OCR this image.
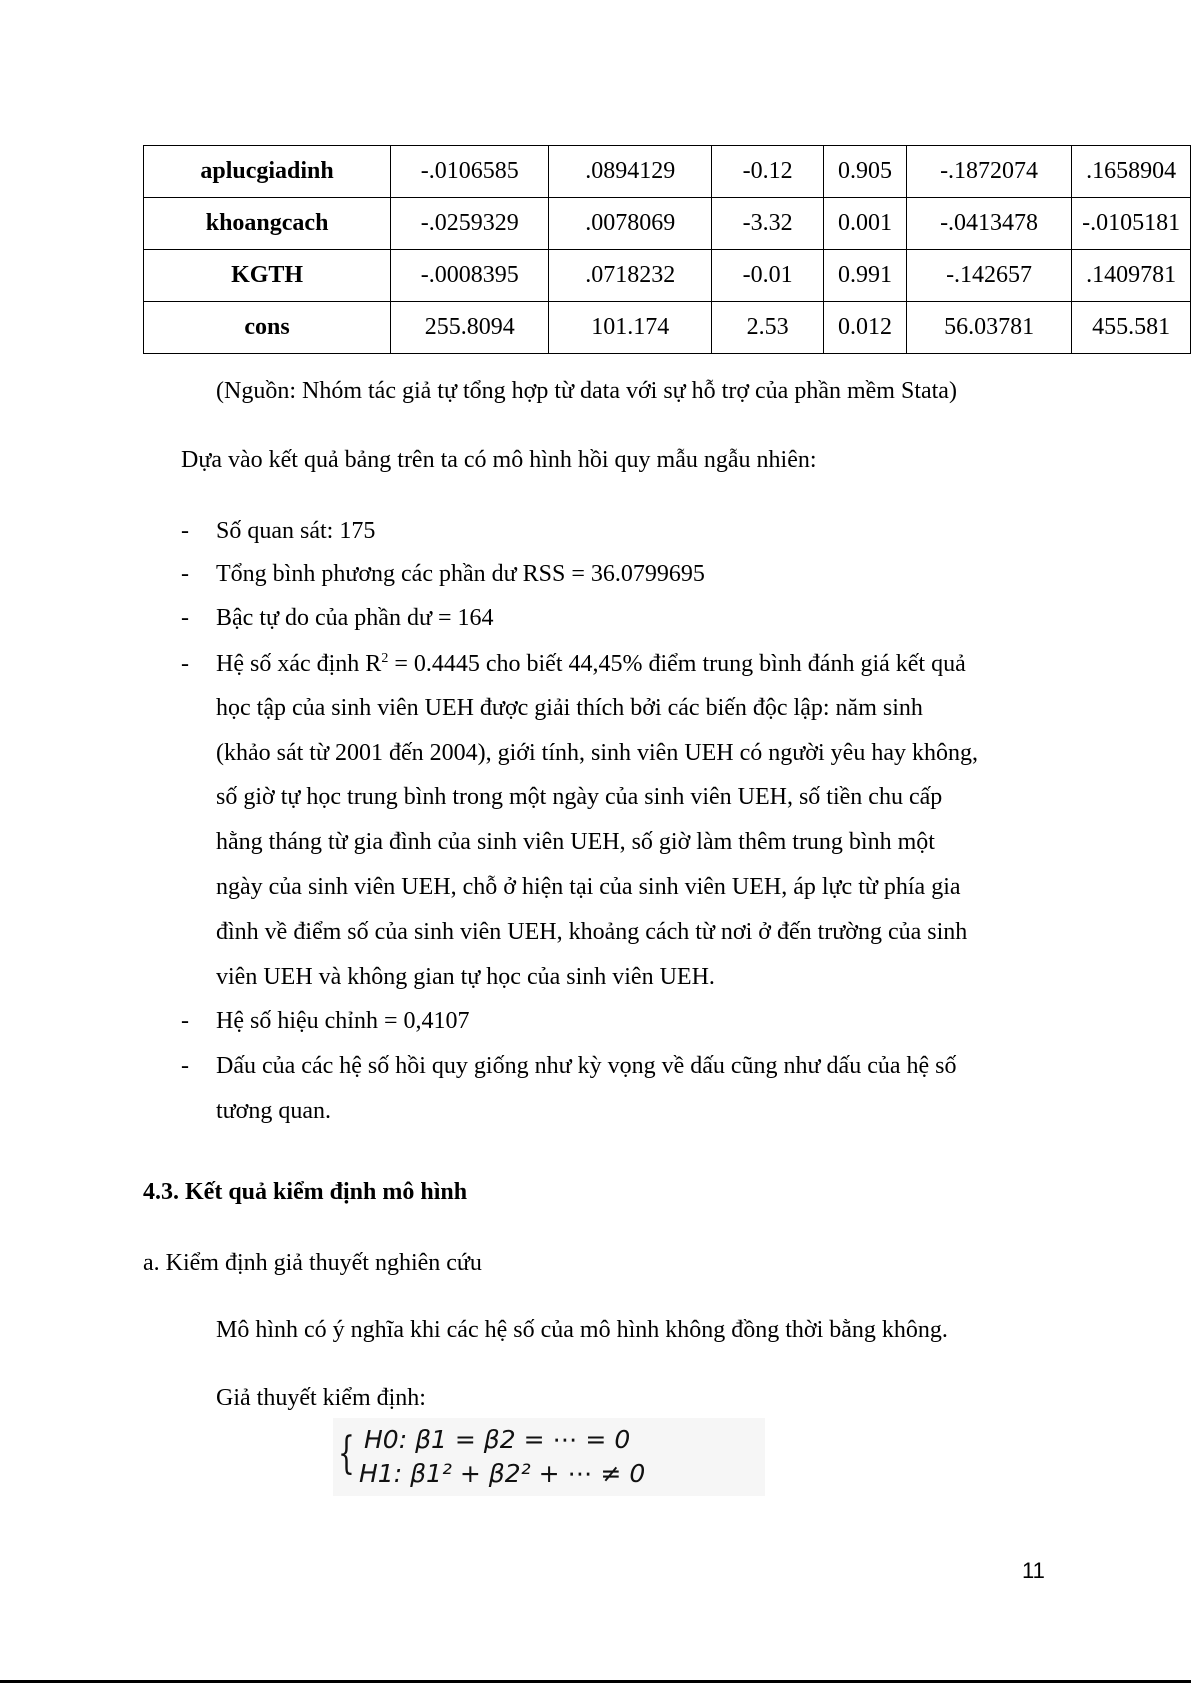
aplucgiadinh	-.0106585	.0894129	-0.12	0.905	-.1872074	.1658904
khoangcach	-.0259329	.0078069	-3.32	0.001	-.0413478	-.0105181
KGTH	-.0008395	.0718232	-0.01	0.991	-.142657	.1409781
cons	255.8094	101.174	2.53	0.012	56.03781	455.581
(Nguồn: Nhóm tác giả tự tổng hợp từ data với sự hỗ trợ của phần mềm Stata)
Dựa vào kết quả bảng trên ta có mô hình hồi quy mẫu ngẫu nhiên:
- Số quan sát: 175
- Tổng bình phương các phần dư RSS = 36.0799695
- Bậc tự do của phần dư = 164
- Hệ số xác định $R^2 = 0.4445$ cho biết 44,45% điểm trung bình đánh giá kết quả
học tập của sinh viên UEH được giải thích bởi các biến độc lập: năm sinh
(khảo sát từ 2001 đến 2004), giới tính, sinh viên UEH có người yêu hay không,
số giờ tự học trung bình trong một ngày của sinh viên UEH, số tiền chu cấp
hằng tháng từ gia đình của sinh viên UEH, số giờ làm thêm trung bình một
ngày của sinh viên UEH, chỗ ở hiện tại của sinh viên UEH, áp lực từ phía gia
đình về điểm số của sinh viên UEH, khoảng cách từ nơi ở đến trường của sinh
viên UEH và không gian tự học của sinh viên UEH.
- Hệ số hiệu chỉnh = 0,4107
- Dấu của các hệ số hồi quy giống như kỳ vọng về dấu cũng như dấu của hệ số
tương quan.
4.3. Kết quả kiểm định mô hình
a. Kiểm định giả thuyết nghiên cứu
Mô hình có ý nghĩa khi các hệ số của mô hình không đồng thời bằng không.
Giả thuyết kiểm định:
{ H0: β1 = β2 = ⋯ = 0
H1: β1² + β2² + ⋯ ≠ 0
11
